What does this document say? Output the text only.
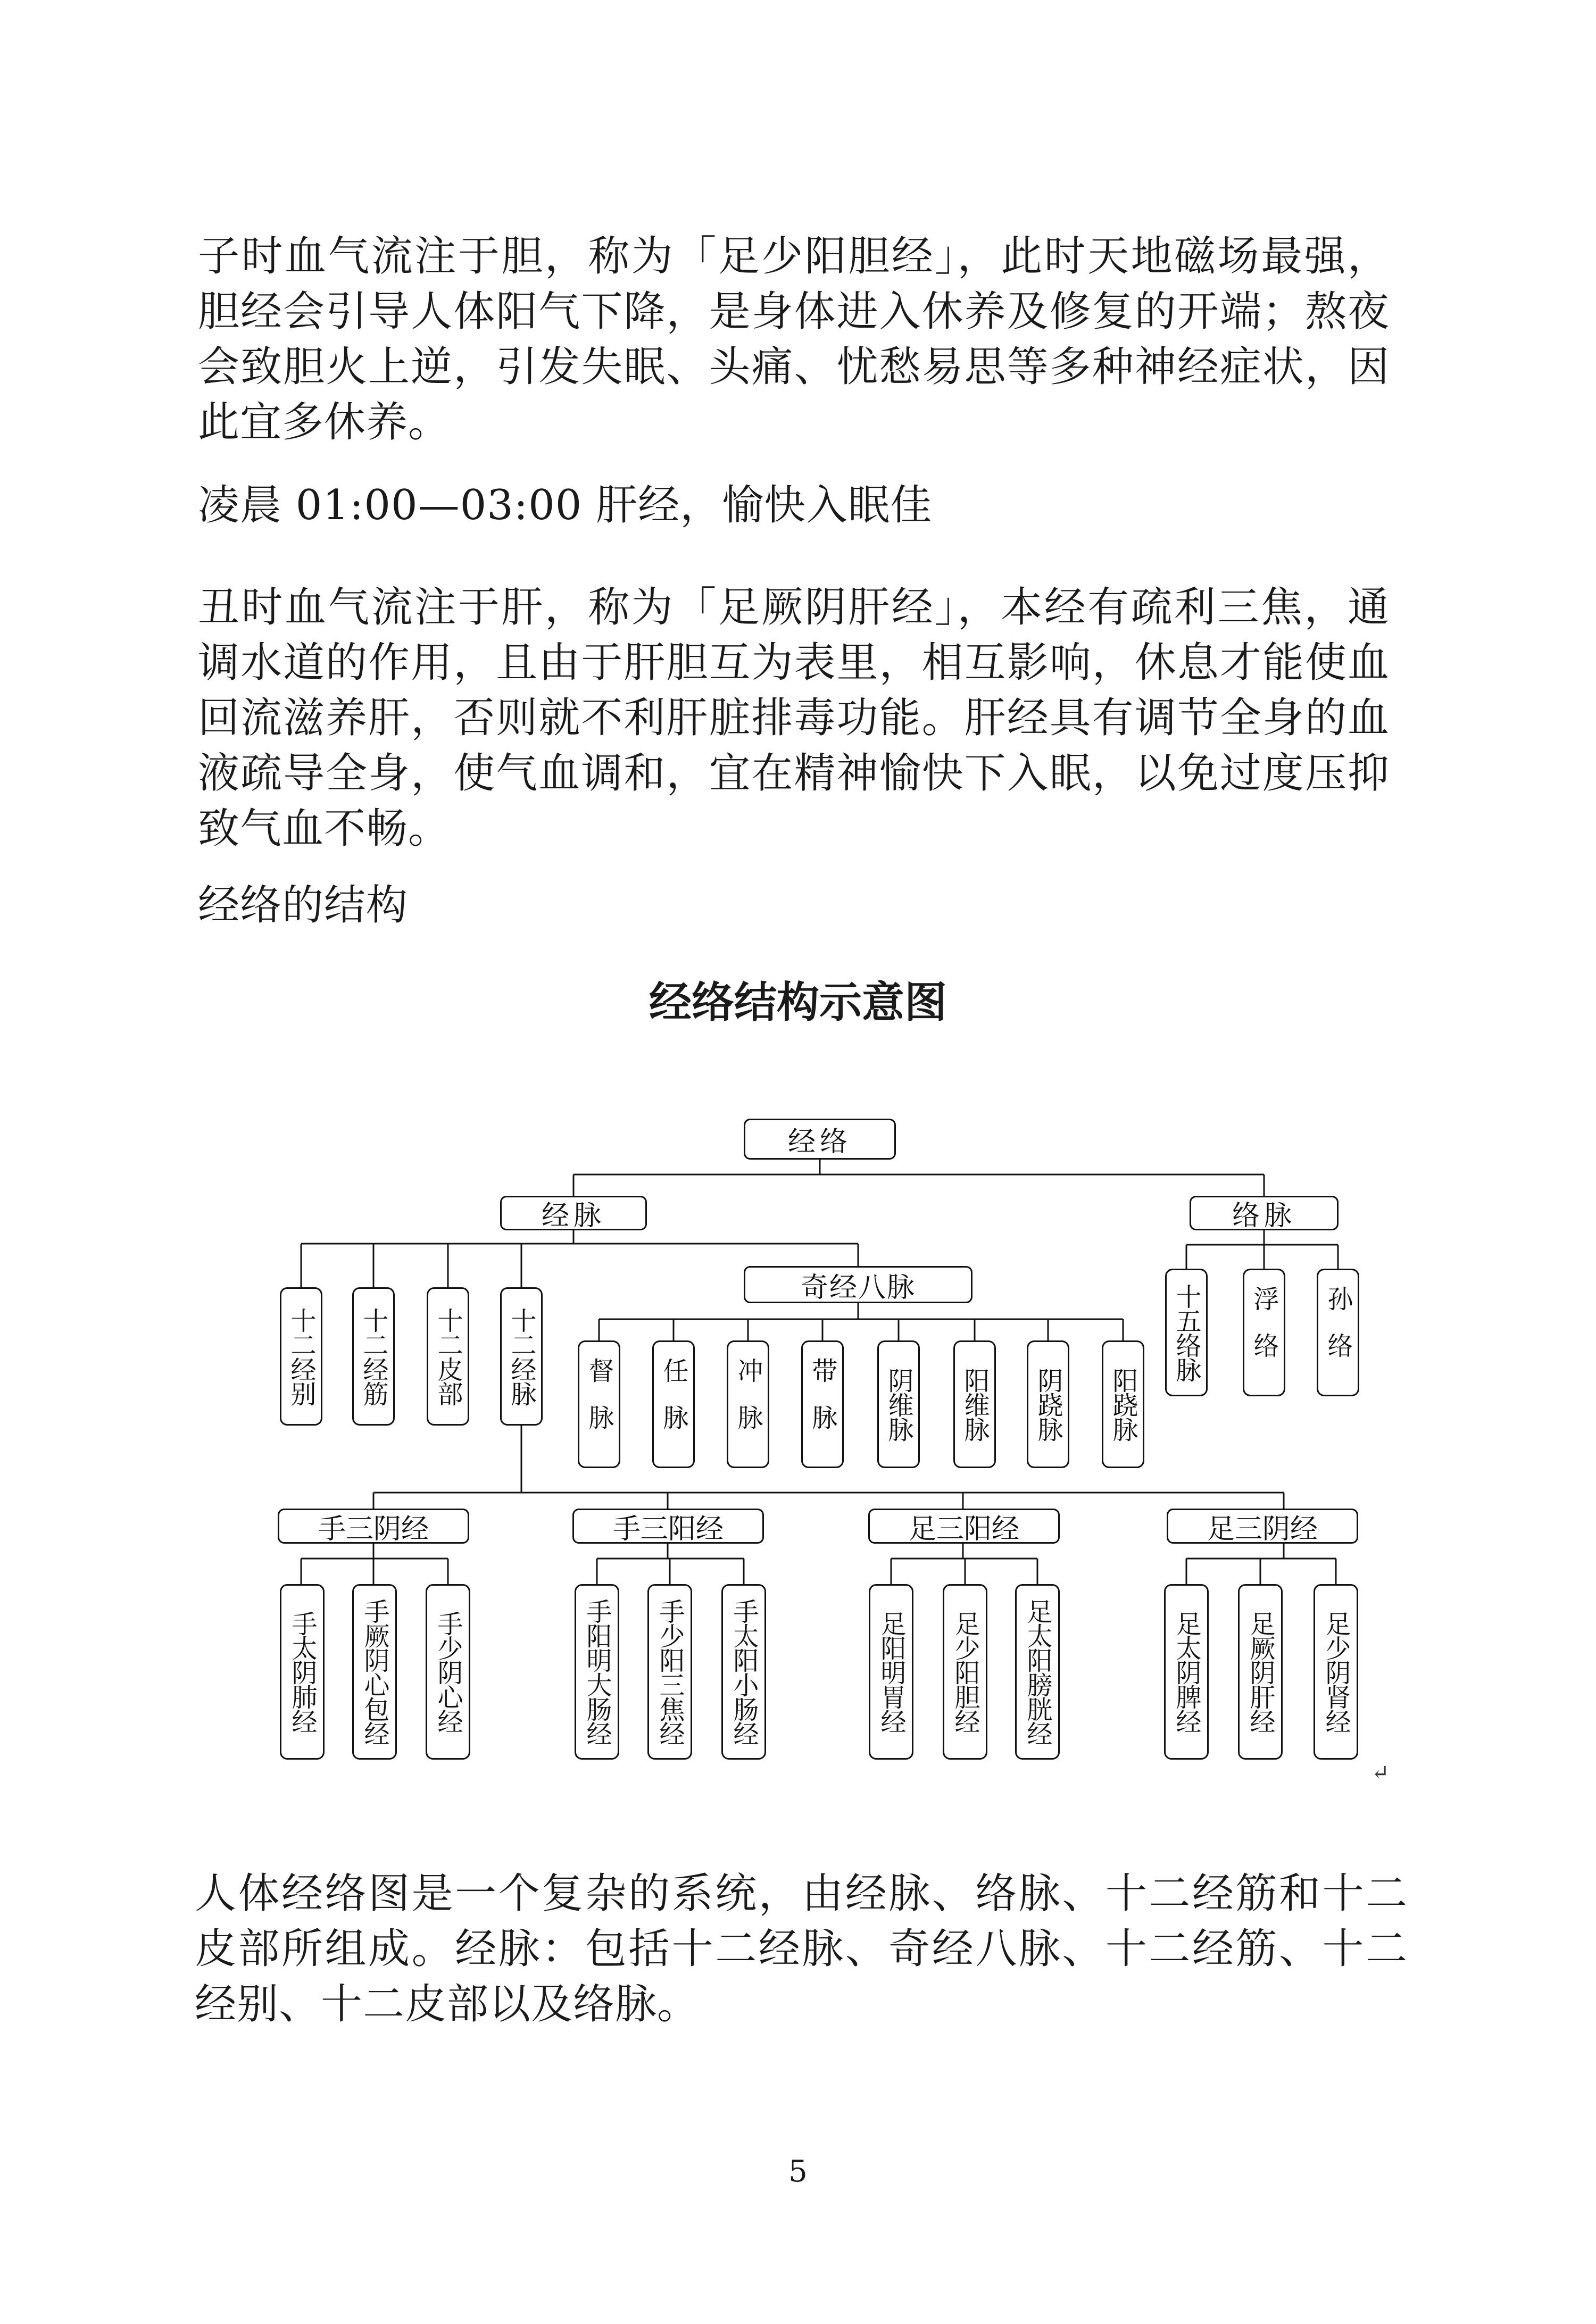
子时血气流注于胆，称为「足少阳胆经」，此时天地磁场最强，胆经会引导人体阳气下降，是身体进入休养及修复的开端；熬夜会致胆火上逆，引发失眠、头痛、忧愁易思等多种神经症状，因此宜多休养。

凌晨 01:00—03:00 肝经，愉快入眠佳

丑时血气流注于肝，称为「足厥阴肝经」，本经有疏利三焦，通调水道的作用，且由于肝胆互为表里，相互影响，休息才能使血回流滋养肝，否则就不利肝脏排毒功能。肝经具有调节全身的血液疏导全身，使气血调和，宜在精神愉快下入眠，以免过度压抑致气血不畅。

经络的结构

经络结构示意图
经络
经脉	络脉
十二经别 十二经筋 十二皮部 十二经脉
奇经八脉
督脉 任脉 冲脉 带脉 阴维脉 阳维脉 阴跷脉 阳跷脉
十五络脉 浮络 孙络
手三阴经	手三阳经	足三阳经	足三阴经
手太阴肺经 手厥阴心包经 手少阴心经	手阳明大肠经 手少阳三焦经 手太阳小肠经	足阳明胃经 足少阳胆经 足太阳膀胱经	足太阴脾经 足厥阴肝经 足少阴肾经
↵

人体经络图是一个复杂的系统，由经脉、络脉、十二经筋和十二皮部所组成。经脉：包括十二经脉、奇经八脉、十二经筋、十二经别、十二皮部以及络脉。

5
